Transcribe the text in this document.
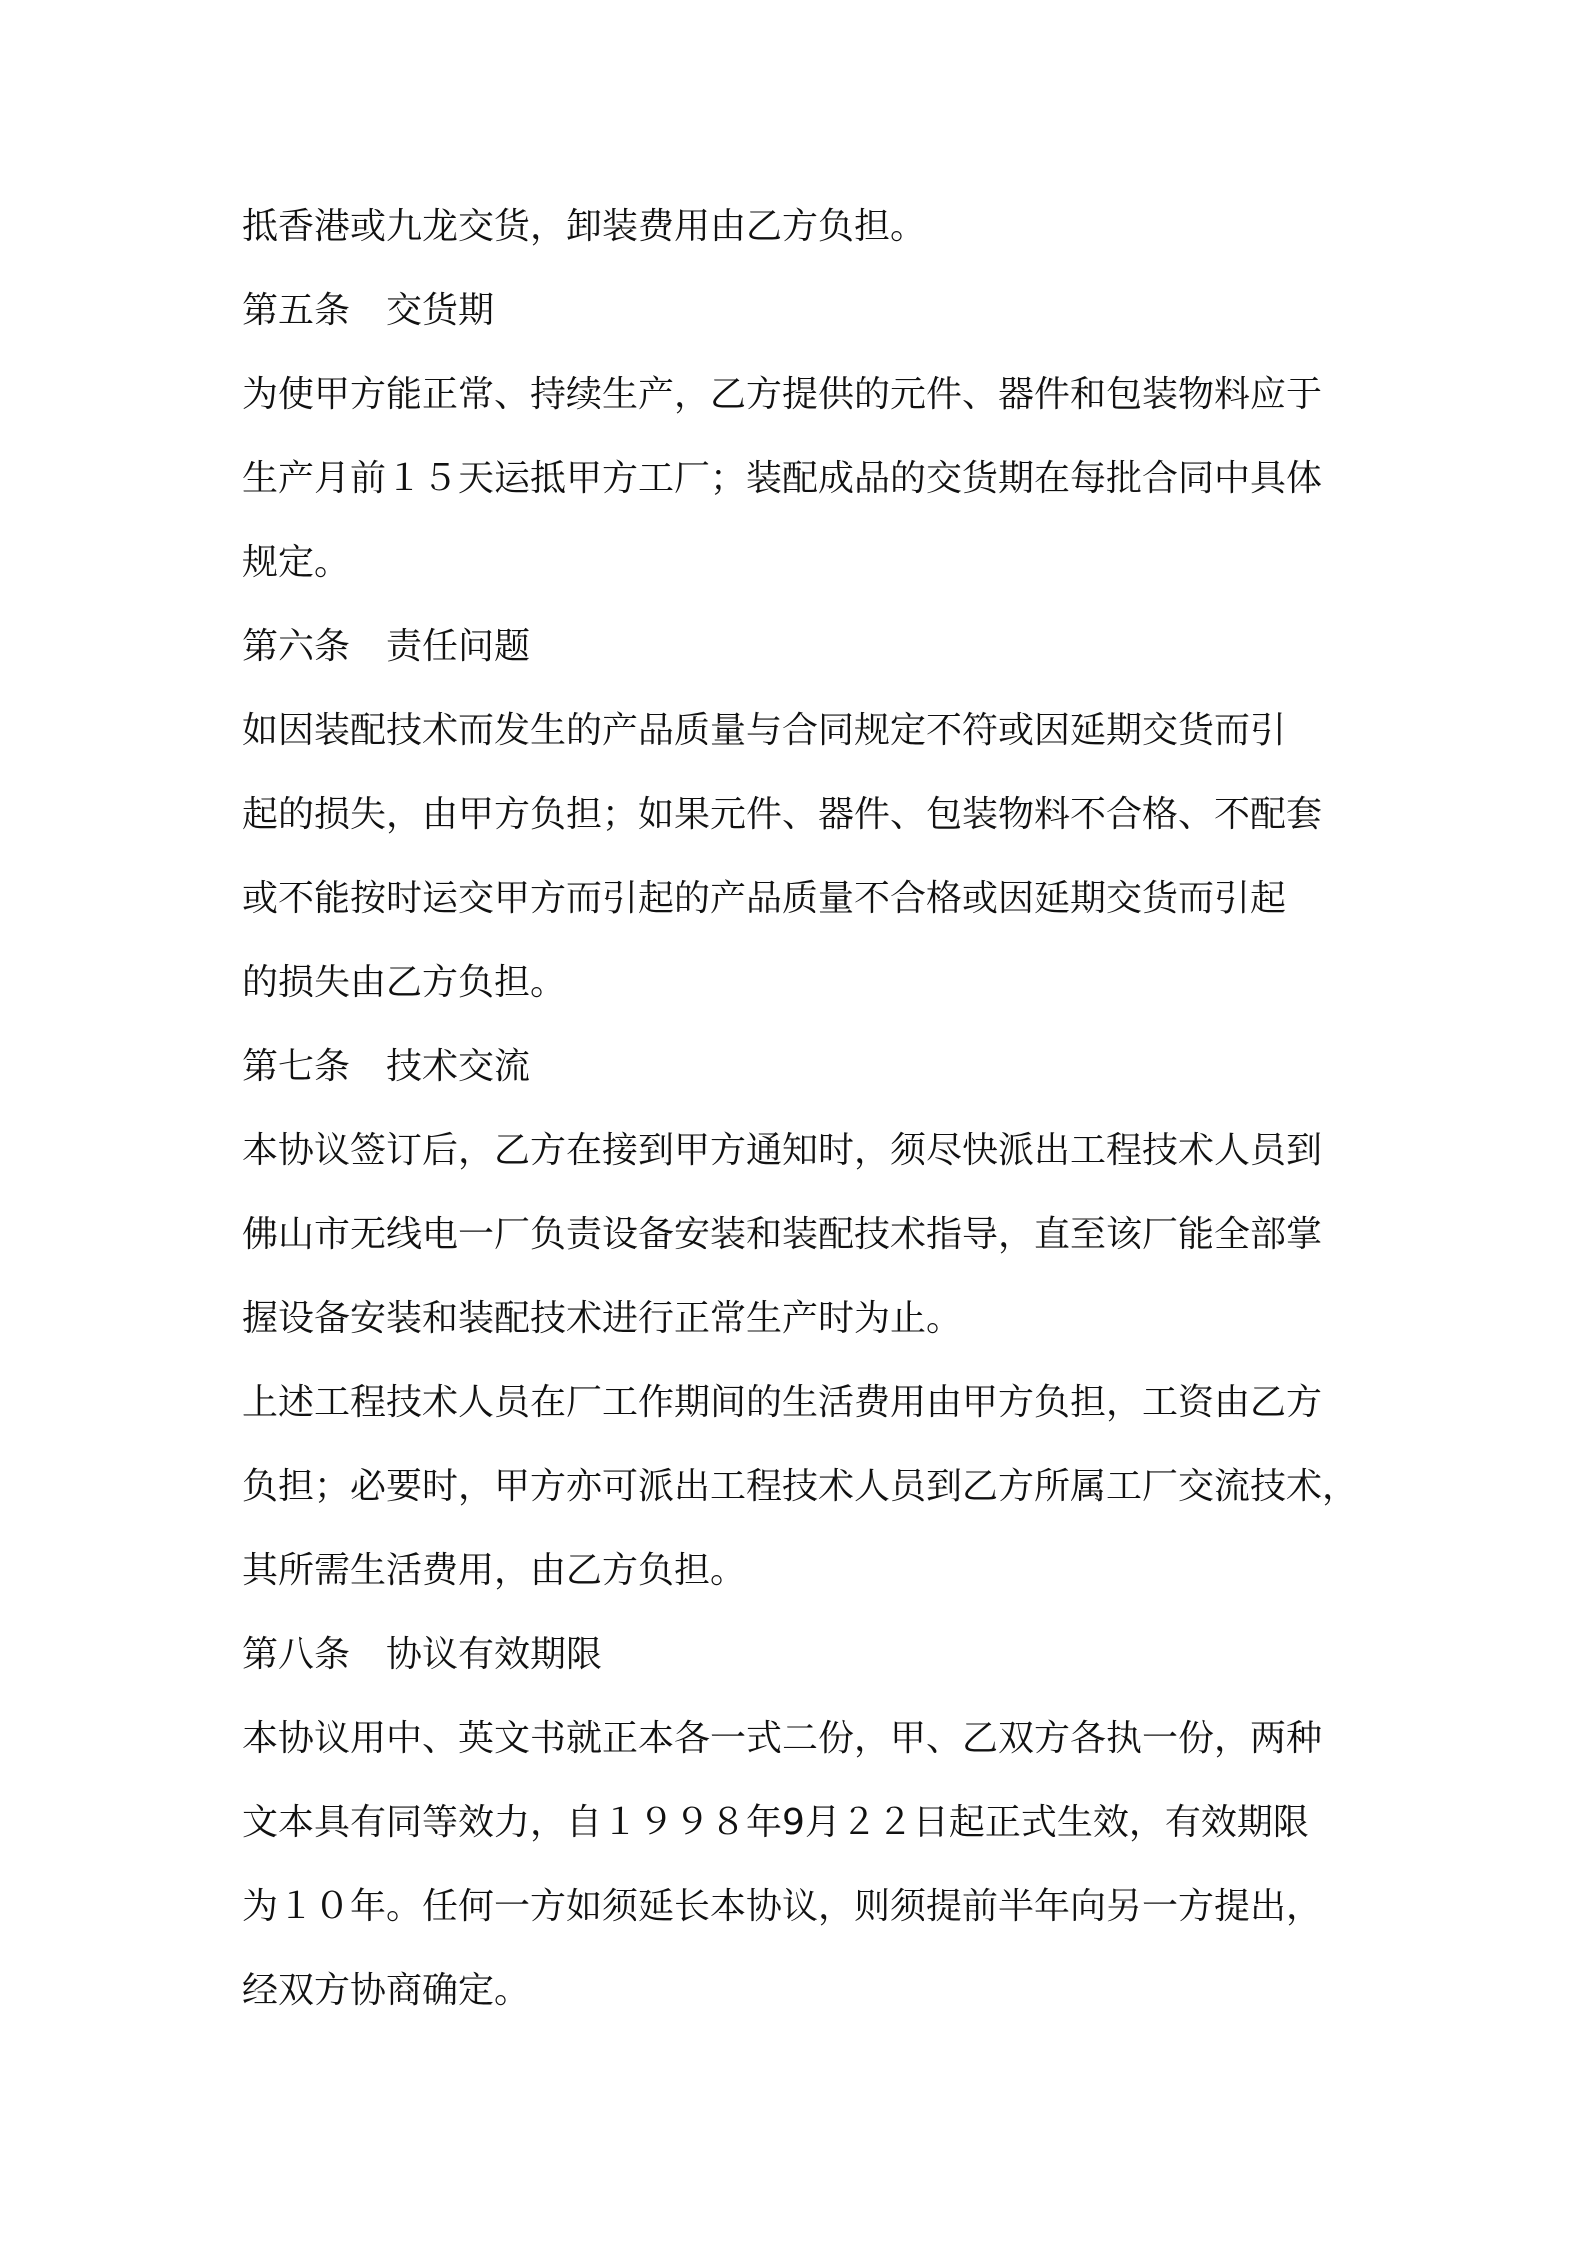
抵香港或九龙交货，卸装费用由乙方负担。

第五条　交货期

为使甲方能正常、持续生产，乙方提供的元件、器件和包装物料应于

生产月前１５天运抵甲方工厂；装配成品的交货期在每批合同中具体

规定。

第六条　责任问题

如因装配技术而发生的产品质量与合同规定不符或因延期交货而引

起的损失，由甲方负担；如果元件、器件、包装物料不合格、不配套

或不能按时运交甲方而引起的产品质量不合格或因延期交货而引起

的损失由乙方负担。

第七条　技术交流

本协议签订后，乙方在接到甲方通知时，须尽快派出工程技术人员到

佛山市无线电一厂负责设备安装和装配技术指导，直至该厂能全部掌

握设备安装和装配技术进行正常生产时为止。

上述工程技术人员在厂工作期间的生活费用由甲方负担，工资由乙方

负担；必要时，甲方亦可派出工程技术人员到乙方所属工厂交流技术，

其所需生活费用，由乙方负担。

第八条　协议有效期限

本协议用中、英文书就正本各一式二份，甲、乙双方各执一份，两种

文本具有同等效力，自１９９８年9月２２日起正式生效，有效期限

为１０年。任何一方如须延长本协议，则须提前半年向另一方提出，

经双方协商确定。
